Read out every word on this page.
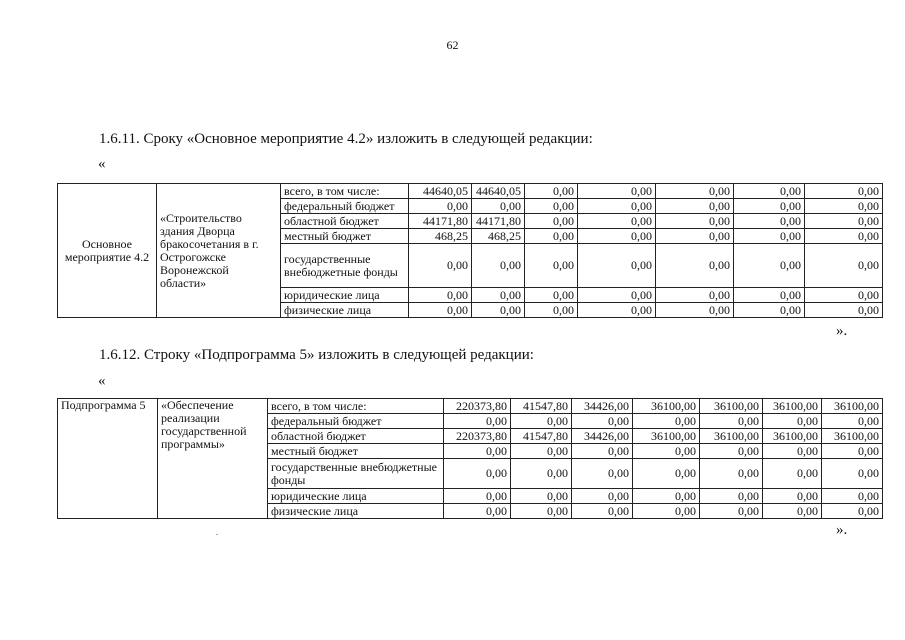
62
1.6.11. Сроку «Основное мероприятие 4.2» изложить в следующей редакции:
«
Основное мероприятие 4.2	«Строительство здания Дворца бракосочетания в г. Острогожске Воронежской области»	всего, в том числе:	44640,05	44640,05	0,00	0,00	0,00	0,00	0,00
		федеральный бюджет	0,00	0,00	0,00	0,00	0,00	0,00	0,00
		областной бюджет	44171,80	44171,80	0,00	0,00	0,00	0,00	0,00
		местный бюджет	468,25	468,25	0,00	0,00	0,00	0,00	0,00
		государственные внебюджетные фонды	0,00	0,00	0,00	0,00	0,00	0,00	0,00
		юридические лица	0,00	0,00	0,00	0,00	0,00	0,00	0,00
		физические лица	0,00	0,00	0,00	0,00	0,00	0,00	0,00
».
1.6.12. Строку «Подпрограмма 5» изложить в следующей редакции:
«
Подпрограмма 5	«Обеспечение реализации государственной программы»	всего, в том числе:	220373,80	41547,80	34426,00	36100,00	36100,00	36100,00	36100,00
		федеральный бюджет	0,00	0,00	0,00	0,00	0,00	0,00	0,00
		областной бюджет	220373,80	41547,80	34426,00	36100,00	36100,00	36100,00	36100,00
		местный бюджет	0,00	0,00	0,00	0,00	0,00	0,00	0,00
		государственные внебюджетные фонды	0,00	0,00	0,00	0,00	0,00	0,00	0,00
		юридические лица	0,00	0,00	0,00	0,00	0,00	0,00	0,00
		физические лица	0,00	0,00	0,00	0,00	0,00	0,00	0,00
».
.
